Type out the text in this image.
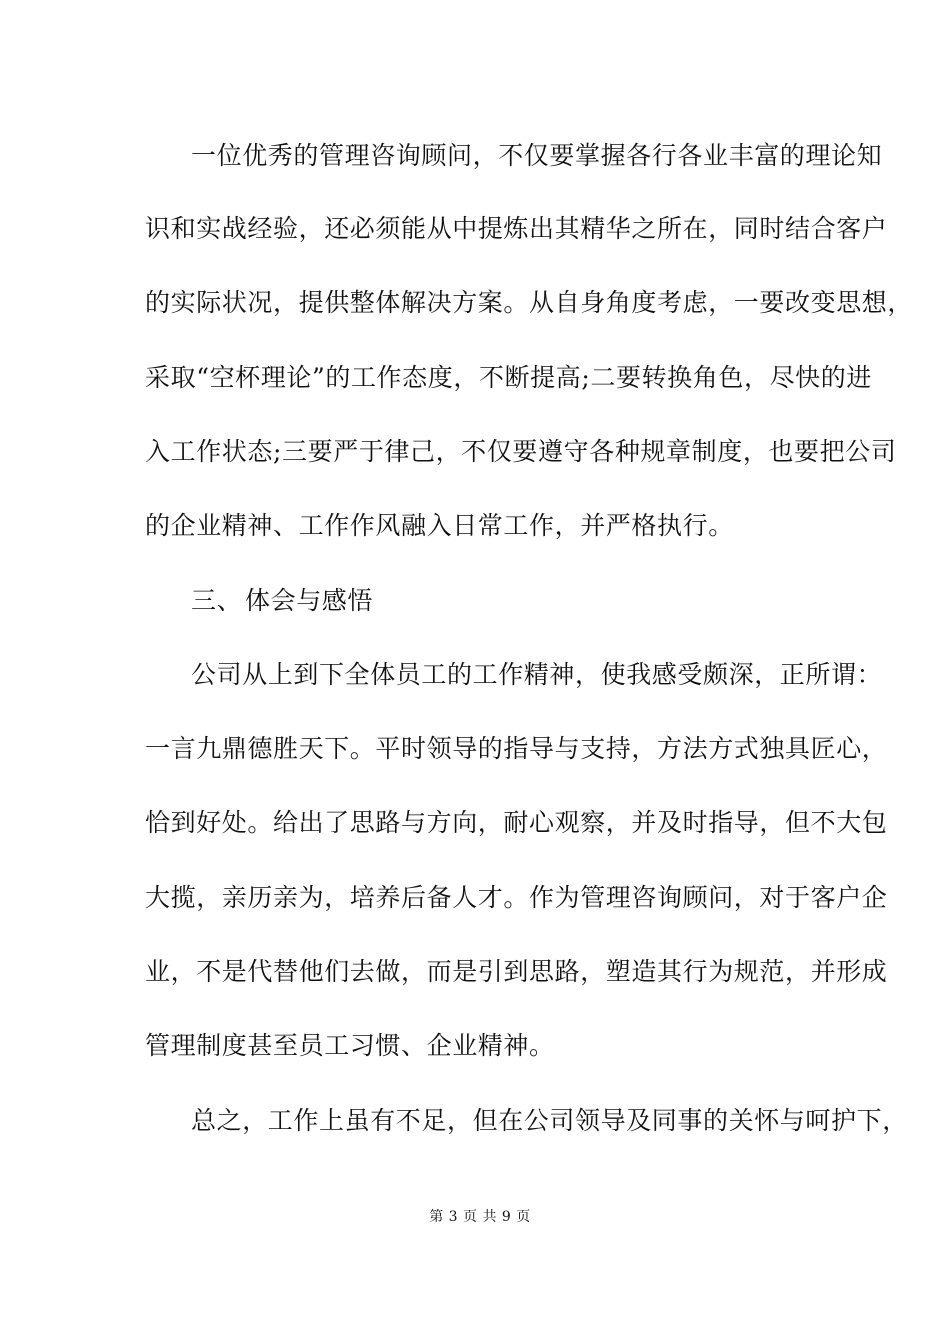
一位优秀的管理咨询顾问，不仅要掌握各行各业丰富的理论知
识和实战经验，还必须能从中提炼出其精华之所在，同时结合客户
的实际状况，提供整体解决方案。从自身角度考虑，一要改变思想，
采取“空杯理论”的工作态度，不断提高;二要转换角色，尽快的进
入工作状态;三要严于律己，不仅要遵守各种规章制度，也要把公司
的企业精神、工作作风融入日常工作，并严格执行。
三、 体会与感悟
公司从上到下全体员工的工作精神，使我感受颇深，正所谓：
一言九鼎德胜天下。平时领导的指导与支持，方法方式独具匠心，
恰到好处。给出了思路与方向，耐心观察，并及时指导，但不大包
大揽，亲历亲为，培养后备人才。作为管理咨询顾问，对于客户企
业，不是代替他们去做，而是引到思路，塑造其行为规范，并形成
管理制度甚至员工习惯、企业精神。
总之，工作上虽有不足，但在公司领导及同事的关怀与呵护下，
第 3 页 共 9 页
